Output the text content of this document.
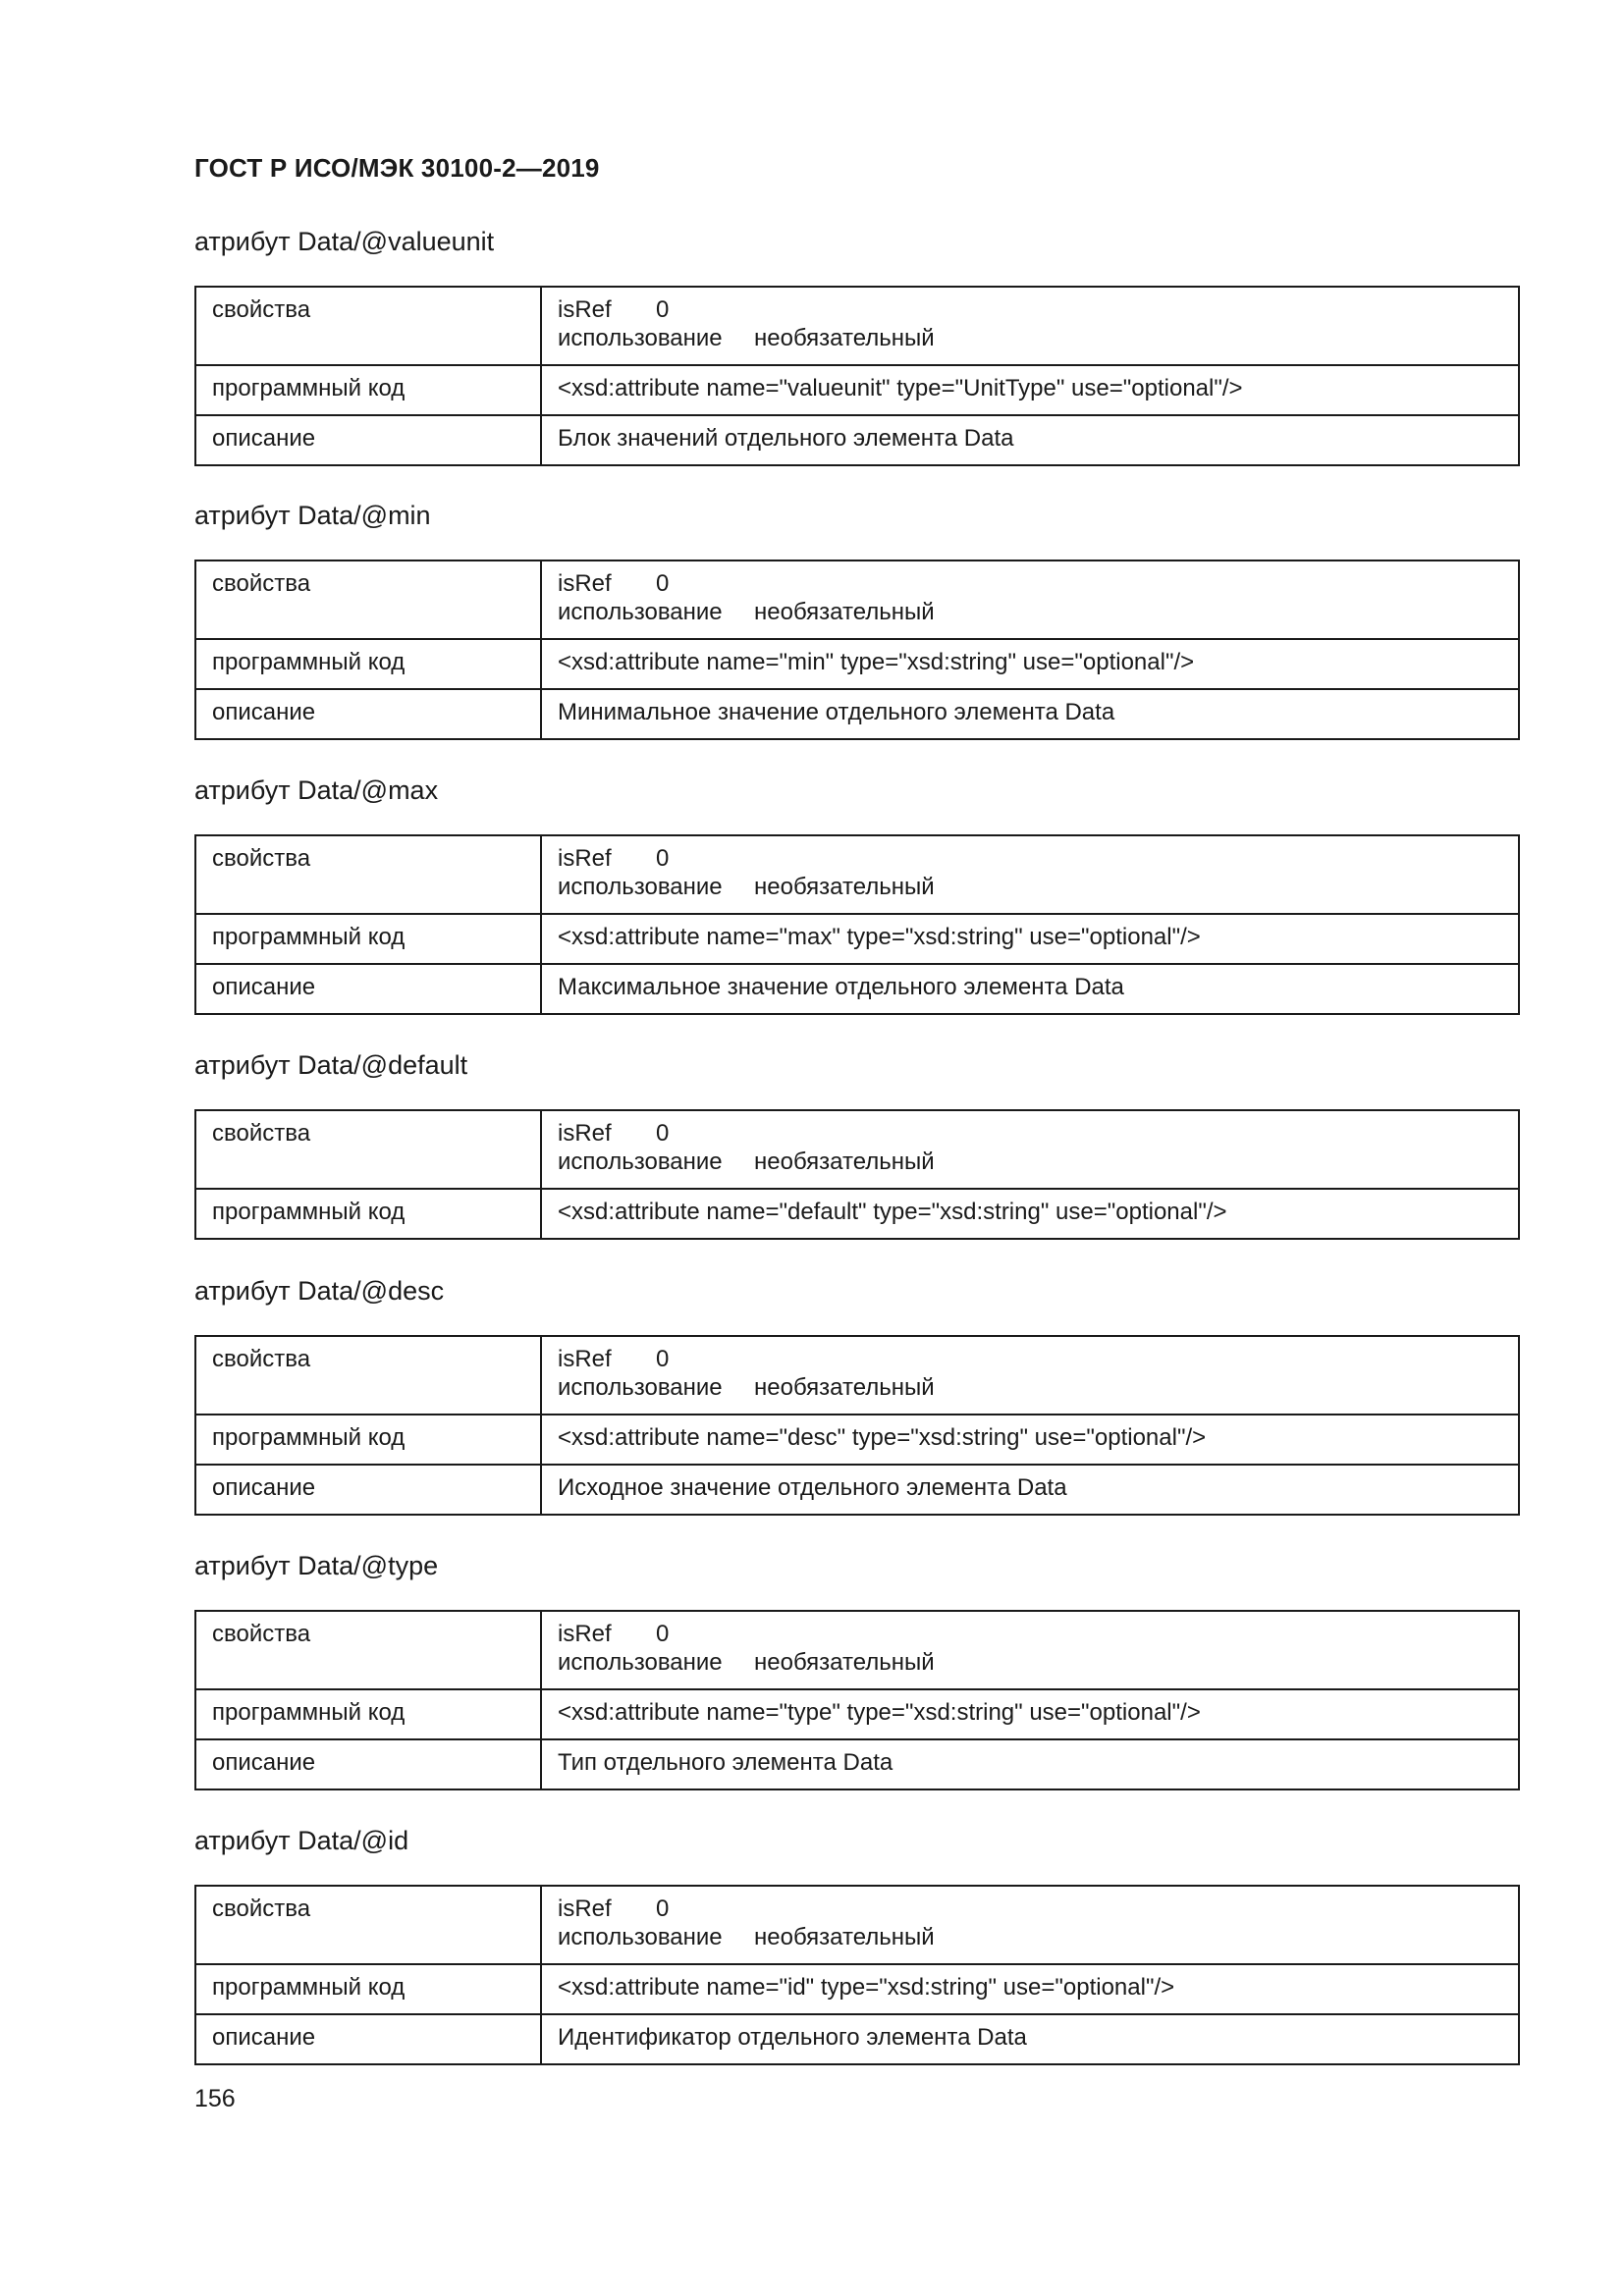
ГОСТ Р ИСО/МЭК 30100-2—2019
атрибут Data/@valueunit
свойства	isRef 0
использование необязательный

программный код	<xsd:attribute name="valueunit" type="UnitType" use="optional"/>
описание	Блок значений отдельного элемента Data
атрибут Data/@min
свойства	isRef 0
использование необязательный

программный код	<xsd:attribute name="min" type="xsd:string" use="optional"/>
описание	Минимальное значение отдельного элемента Data
атрибут Data/@max
свойства	isRef 0
использование необязательный

программный код	<xsd:attribute name="max" type="xsd:string" use="optional"/>
описание	Максимальное значение отдельного элемента Data
атрибут Data/@default
свойства	isRef 0
использование необязательный

программный код	<xsd:attribute name="default" type="xsd:string" use="optional"/>
атрибут Data/@desc
свойства	isRef 0
использование необязательный

программный код	<xsd:attribute name="desc" type="xsd:string" use="optional"/>
описание	Исходное значение отдельного элемента Data
атрибут Data/@type
свойства	isRef 0
использование необязательный

программный код	<xsd:attribute name="type" type="xsd:string" use="optional"/>
описание	Тип отдельного элемента Data
атрибут Data/@id
свойства	isRef 0
использование необязательный

программный код	<xsd:attribute name="id" type="xsd:string" use="optional"/>
описание	Идентификатор отдельного элемента Data
156
